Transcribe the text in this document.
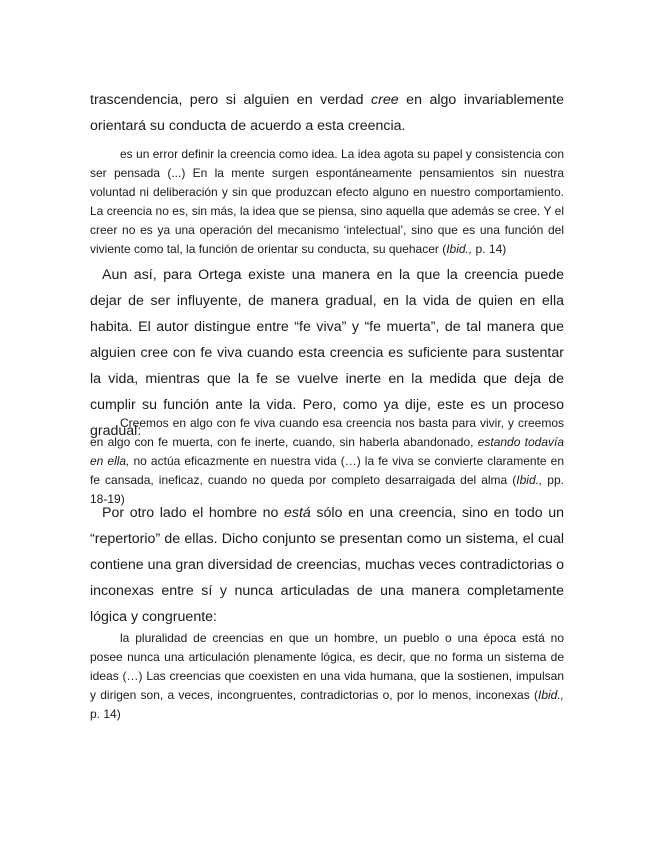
trascendencia, pero si alguien en verdad cree en algo invariablemente orientará su conducta de acuerdo a esta creencia.

es un error definir la creencia como idea. La idea agota su papel y consistencia con ser pensada (...) En la mente surgen espontáneamente pensamientos sin nuestra voluntad ni deliberación y sin que produzcan efecto alguno en nuestro comportamiento. La creencia no es, sin más, la idea que se piensa, sino aquella que además se cree. Y el creer no es ya una operación del mecanismo ‘intelectual’, sino que es una función del viviente como tal, la función de orientar su conducta, su quehacer (Ibid., p. 14)

Aun así, para Ortega existe una manera en la que la creencia puede dejar de ser influyente, de manera gradual, en la vida de quien en ella habita. El autor distingue entre “fe viva” y “fe muerta”, de tal manera que alguien cree con fe viva cuando esta creencia es suficiente para sustentar la vida, mientras que la fe se vuelve inerte en la medida que deja de cumplir su función ante la vida. Pero, como ya dije, este es un proceso gradual:

Creemos en algo con fe viva cuando esa creencia nos basta para vivir, y creemos en algo con fe muerta, con fe inerte, cuando, sin haberla abandonado, estando todavía en ella, no actúa eficazmente en nuestra vida (…) la fe viva se convierte claramente en fe cansada, ineficaz, cuando no queda por completo desarraigada del alma (Ibid., pp. 18-19)

Por otro lado el hombre no está sólo en una creencia, sino en todo un “repertorio” de ellas. Dicho conjunto se presentan como un sistema, el cual contiene una gran diversidad de creencias, muchas veces contradictorias o inconexas entre sí y nunca articuladas de una manera completamente lógica y congruente:

la pluralidad de creencias en que un hombre, un pueblo o una época está no posee nunca una articulación plenamente lógica, es decir, que no forma un sistema de ideas (…) Las creencias que coexisten en una vida humana, que la sostienen, impulsan y dirigen son, a veces, incongruentes, contradictorias o, por lo menos, inconexas (Ibid., p. 14)
